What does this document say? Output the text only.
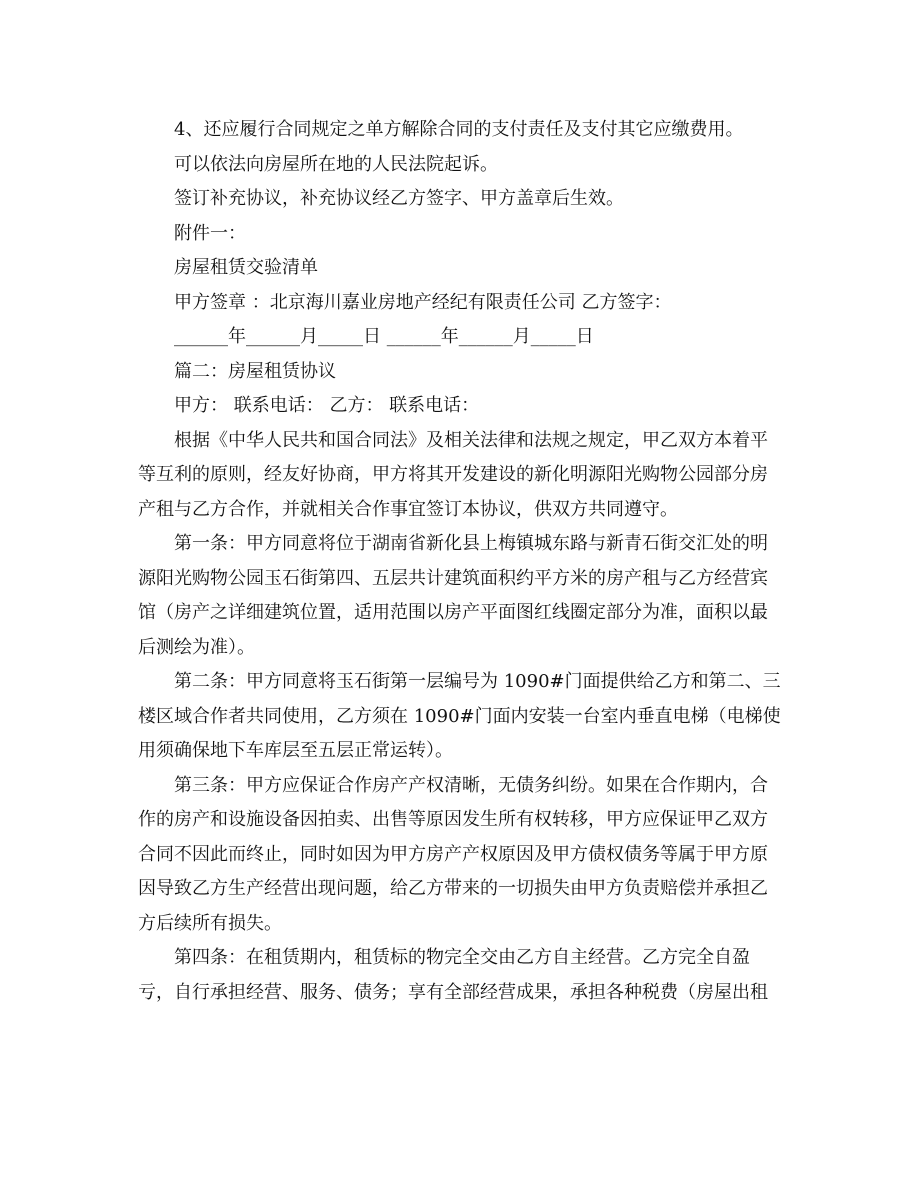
4、还应履行合同规定之单方解除合同的支付责任及支付其它应缴费用。
可以依法向房屋所在地的人民法院起诉。
签订补充协议，补充协议经乙方签字、甲方盖章后生效。
附件一：
房屋租赁交验清单
甲方签章 ：北京海川嘉业房地产经纪有限责任公司 乙方签字：
______年______月_____日 ______年______月_____日
篇二：房屋租赁协议
甲方： 联系电话： 乙方： 联系电话：
根据《中华人民共和国合同法》及相关法律和法规之规定，甲乙双方本着平
等互利的原则，经友好协商，甲方将其开发建设的新化明源阳光购物公园部分房
产租与乙方合作，并就相关合作事宜签订本协议，供双方共同遵守。
第一条：甲方同意将位于湖南省新化县上梅镇城东路与新青石街交汇处的明
源阳光购物公园玉石街第四、五层共计建筑面积约平方米的房产租与乙方经营宾
馆（房产之详细建筑位置，适用范围以房产平面图红线圈定部分为准，面积以最
后测绘为准）。
第二条：甲方同意将玉石街第一层编号为 1090#门面提供给乙方和第二、三
楼区域合作者共同使用，乙方须在 1090#门面内安装一台室内垂直电梯（电梯使
用须确保地下车库层至五层正常运转）。
第三条：甲方应保证合作房产产权清晰，无债务纠纷。如果在合作期内，合
作的房产和设施设备因拍卖、出售等原因发生所有权转移，甲方应保证甲乙双方
合同不因此而终止，同时如因为甲方房产产权原因及甲方债权债务等属于甲方原
因导致乙方生产经营出现问题，给乙方带来的一切损失由甲方负责赔偿并承担乙
方后续所有损失。
第四条：在租赁期内，租赁标的物完全交由乙方自主经营。乙方完全自盈
亏，自行承担经营、服务、债务；享有全部经营成果，承担各种税费（房屋出租
